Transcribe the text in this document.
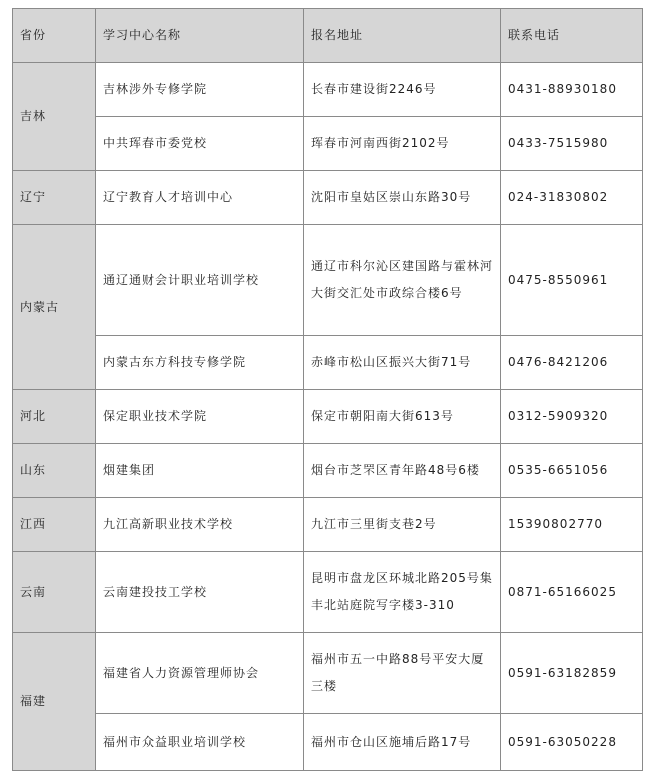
省份	学习中心名称	报名地址	联系电话
吉林	吉林涉外专修学院	长春市建设街2246号	0431-88930180
	中共珲春市委党校	珲春市河南西街2102号	0433-7515980
辽宁	辽宁教育人才培训中心	沈阳市皇姑区崇山东路30号	024-31830802
内蒙古	通辽通财会计职业培训学校	通辽市科尔沁区建国路与霍林河大街交汇处市政综合楼6号	0475-8550961
	内蒙古东方科技专修学院	赤峰市松山区振兴大街71号	0476-8421206
河北	保定职业技术学院	保定市朝阳南大街613号	0312-5909320
山东	烟建集团	烟台市芝罘区青年路48号6楼	0535-6651056
江西	九江高新职业技术学校	九江市三里街支巷2号	15390802770
云南	云南建投技工学校	昆明市盘龙区环城北路205号集丰北站庭院写字楼3-310	0871-65166025
福建	福建省人力资源管理师协会	福州市五一中路88号平安大厦三楼	0591-63182859
	福州市众益职业培训学校	福州市仓山区施埔后路17号	0591-63050228
